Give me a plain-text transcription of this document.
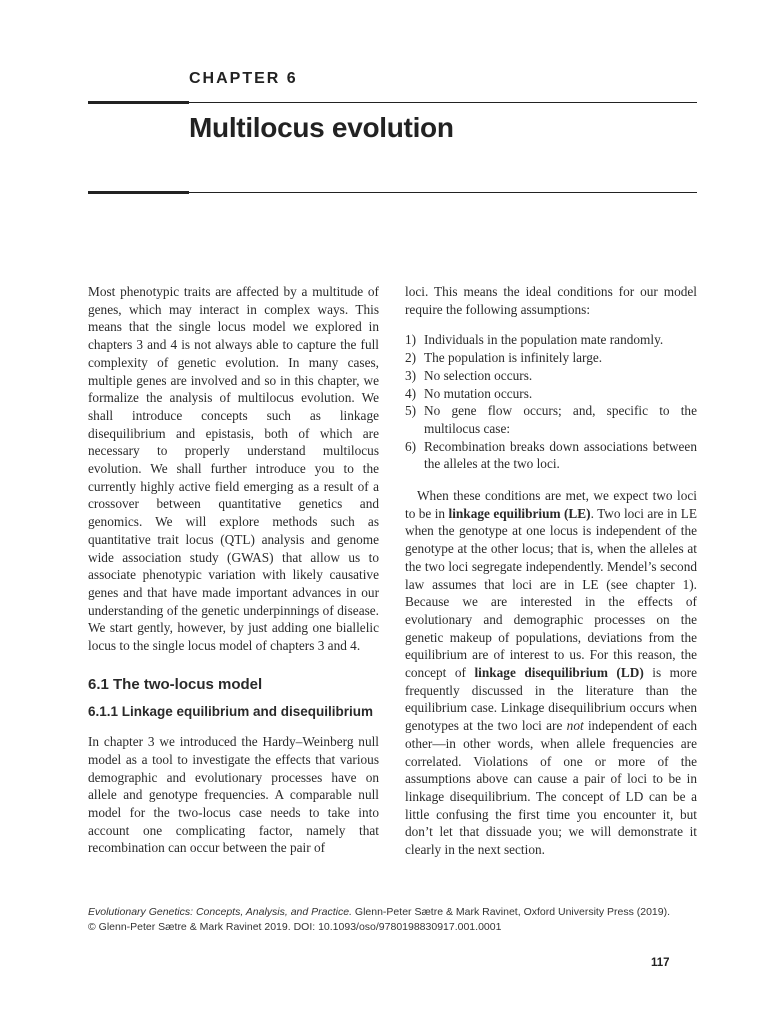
CHAPTER 6
Multilocus evolution

Most phenotypic traits are affected by a multitude of genes, which may interact in complex ways. This means that the single locus model we explored in chapters 3 and 4 is not always able to capture the full complexity of genetic evolution. In many cases, multiple genes are involved and so in this chapter, we formalize the analysis of multilocus evolution. We shall introduce concepts such as linkage disequilibrium and epistasis, both of which are necessary to properly understand multilocus evolution. We shall further introduce you to the currently highly active field emerging as a result of a crossover between quantitative genetics and genomics. We will explore methods such as quantitative trait locus (QTL) analysis and genome wide association study (GWAS) that allow us to associate phenotypic variation with likely causative genes and that have made important advances in our understanding of the genetic underpinnings of disease. We start gently, however, by just adding one biallelic locus to the single locus model of chapters 3 and 4.

6.1 The two-locus model
6.1.1 Linkage equilibrium and disequilibrium

In chapter 3 we introduced the Hardy–Weinberg null model as a tool to investigate the effects that various demographic and evolutionary processes have on allele and genotype frequencies. A comparable null model for the two-locus case needs to take into account one complicating factor, namely that recombination can occur between the pair of

loci. This means the ideal conditions for our model require the following assumptions:

1) Individuals in the population mate randomly.
2) The population is infinitely large.
3) No selection occurs.
4) No mutation occurs.
5) No gene flow occurs; and, specific to the multilocus case:
6) Recombination breaks down associations between the alleles at the two loci.

When these conditions are met, we expect two loci to be in linkage equilibrium (LE). Two loci are in LE when the genotype at one locus is independent of the genotype at the other locus; that is, when the alleles at the two loci segregate independently. Mendel’s second law assumes that loci are in LE (see chapter 1). Because we are interested in the effects of evolutionary and demographic processes on the genetic makeup of populations, deviations from the equilibrium are of interest to us. For this reason, the concept of linkage disequilibrium (LD) is more frequently discussed in the literature than the equilibrium case. Linkage disequilibrium occurs when genotypes at the two loci are not independent of each other—in other words, when allele frequencies are correlated. Violations of one or more of the assumptions above can cause a pair of loci to be in linkage disequilibrium. The concept of LD can be a little confusing the first time you encounter it, but don’t let that dissuade you; we will demonstrate it clearly in the next section.

Evolutionary Genetics: Concepts, Analysis, and Practice. Glenn-Peter Sætre & Mark Ravinet, Oxford University Press (2019).
© Glenn-Peter Sætre & Mark Ravinet 2019. DOI: 10.1093/oso/9780198830917.001.0001
117
